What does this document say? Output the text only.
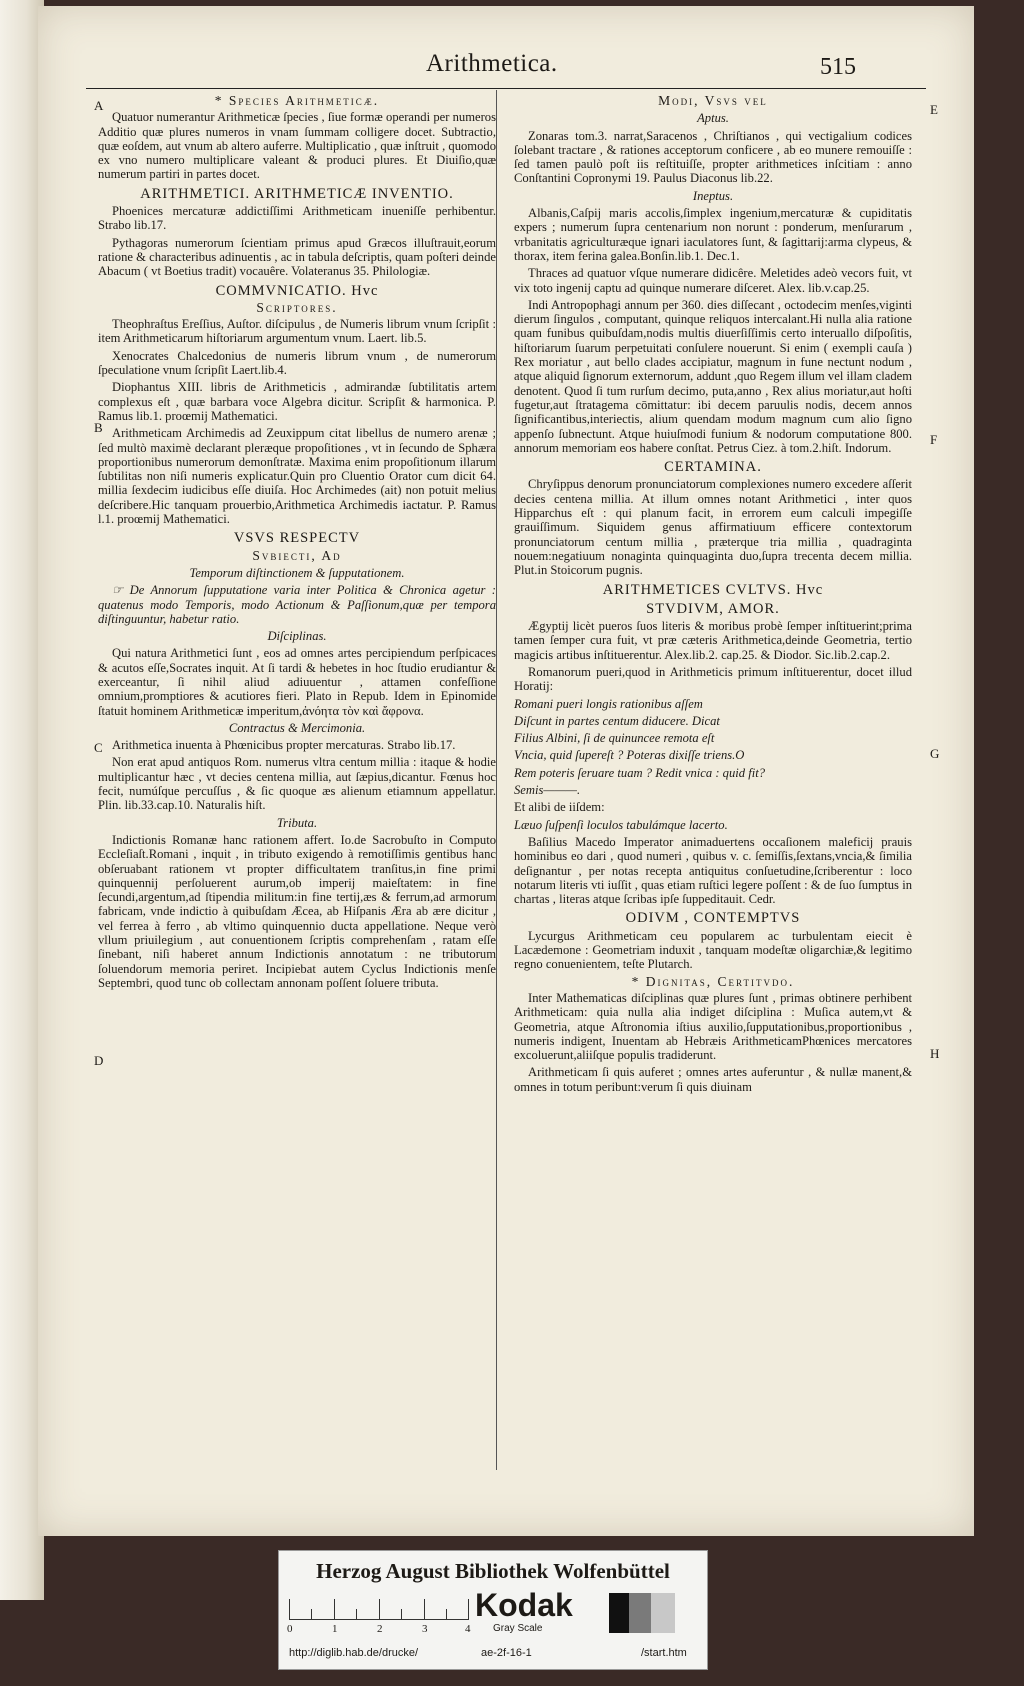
Arithmetica.	515
A
B
C
D
E
F
G
H
* Species Arithmeticæ.

Quatuor numerantur Arithmeticæ ſpecies , ſiue formæ operandi per numeros Additio quæ plures numeros in vnam ſummam colligere docet. Subtractio, quæ eoſdem, aut vnum ab altero auferre. Multiplicatio , quæ inſtruit , quomodo ex vno numero multiplicare valeant & produci plures. Et Diuiſio,quæ numerum partiri in partes docet.

ARITHMETICI. ARITHMETICÆ INVENTIO.

Phoenices mercaturæ addictiſſimi Arithmeticam inueniſſe perhibentur. Strabo lib.17.

Pythagoras numerorum ſcientiam primus apud Græcos illuſtrauit,eorum ratione & characteribus adinuentis , ac in tabula deſcriptis, quam poſteri deinde Abacum ( vt Boetius tradit) vocauêre. Volateranus 35. Philologiæ.

COMMVNICATIO. Hvc
Scriptores.

Theophraſtus Ereſſius, Auſtor. diſcipulus , de Numeris librum vnum ſcripſit : item Arithmeticarum hiſtoriarum argumentum vnum. Laert. lib.5.

Xenocrates Chalcedonius de numeris librum vnum , de numerorum ſpeculatione vnum ſcripſit Laert.lib.4.

Diophantus XIII. libris de Arithmeticis , admirandæ ſubtilitatis artem complexus eſt , quæ barbara voce Algebra dicitur. Scripſit & harmonica. P. Ramus lib.1. proœmij Mathematici.

Arithmeticam Archimedis ad Zeuxippum citat libellus de numero arenæ ; ſed multò maximè declarant pleræque propoſitiones , vt in ſecundo de Sphæra proportionibus numerorum demonſtratæ. Maxima enim propoſitionum illarum ſubtilitas non niſi numeris explicatur.Quin pro Cluentio Orator cum dicit 64. millia ſexdecim iudicibus eſſe diuiſa. Hoc Archimedes (ait) non potuit melius deſcribere.Hic tanquam prouerbio,Arithmetica Archimedis iactatur. P. Ramus l.1. proœmij Mathematici.

VSVS RESPECTV
Svbiecti, Ad
Temporum diſtinctionem & ſupputationem.

☞ De Annorum ſupputatione varia inter Politica & Chronica agetur : quatenus modo Temporis, modo Actionum & Paſſionum,quæ per tempora diſtinguuntur, habetur ratio.

Diſciplinas.

Qui natura Arithmetici ſunt , eos ad omnes artes percipiendum perſpicaces & acutos eſſe,Socrates inquit. At ſi tardi & hebetes in hoc ſtudio erudiantur & exerceantur, ſi nihil aliud adiuuentur , attamen confeſſione omnium,promptiores & acutiores fieri. Plato in Repub. Idem in Epinomide ſtatuit hominem Arithmeticæ imperitum,ἀνόητα τὸν καὶ ἄφρονα.

Contractus & Mercimonia.

Arithmetica inuenta à Phœnicibus propter mercaturas. Strabo lib.17.

Non erat apud antiquos Rom. numerus vltra centum millia : itaque & hodie multiplicantur hæc , vt decies centena millia, aut ſæpius,dicantur. Fœnus hoc fecit, numúſque percuſſus , & ſic quoque æs alienum etiamnum appellatur. Plin. lib.33.cap.10. Naturalis hiſt.

Tributa.

Indictionis Romanæ hanc rationem affert. Io.de Sacrobuſto in Computo Eccleſiaſt.Romani , inquit , in tributo exigendo à remotiſſimis gentibus hanc obſeruabant rationem vt propter difficultatem tranſitus,in fine primi quinquennij perſoluerent aurum,ob imperij maieſtatem: in fine ſecundi,argentum,ad ſtipendia militum:in fine tertij,æs & ferrum,ad armorum fabricam, vnde indictio à quibuſdam Æcea, ab Hiſpanis Æra ab ære dicitur , vel ferrea à ferro , ab vltimo quinquennio ducta appellatione. Neque verò vllum priuilegium , aut conuentionem ſcriptis comprehenſam , ratam eſſe ſinebant, niſi haberet annum Indictionis annotatum : ne tributorum ſoluendorum memoria periret. Incipiebat autem Cyclus Indictionis menſe Septembri, quod tunc ob collectam annonam poſſent ſoluere tributa.

Modi, Vsvs vel
Aptus.

Zonaras tom.3. narrat,Saracenos , Chriſtianos , qui vectigalium codices ſolebant tractare , & rationes acceptorum conficere , ab eo munere remouiſſe : ſed tamen paulò poſt iis reſtituiſſe, propter arithmetices inſcitiam : anno Conſtantini Copronymi 19. Paulus Diaconus lib.22.

Ineptus.

Albanis,Caſpij maris accolis,ſimplex ingenium,mercaturæ & cupiditatis expers ; numerum ſupra centenarium non norunt : ponderum, menſurarum , vrbanitatis agriculturæque ignari iaculatores ſunt, & ſagittarij:arma clypeus, & thorax, item ferina galea.Bonſin.lib.1. Dec.1.

Thraces ad quatuor vſque numerare didicêre. Meletides adeò vecors fuit, vt vix toto ingenij captu ad quinque numerare diſceret. Alex. lib.v.cap.25.

Indi Antropophagi annum per 360. dies diſſecant , octodecim menſes,viginti dierum ſingulos , computant, quinque reliquos intercalant.Hi nulla alia ratione quam funibus quibuſdam,nodis multis diuerſiſſimis certo interuallo diſpoſitis, hiſtoriarum ſuarum perpetuitati conſulere nouerunt. Si enim ( exempli cauſa ) Rex moriatur , aut bello clades accipiatur, magnum in fune nectunt nodum , atque aliquid ſignorum externorum, addunt ,quo Regem illum vel illam cladem denotent. Quod ſi tum rurſum decimo, puta,anno , Rex alius moriatur,aut hoſti fugetur,aut ſtratagema cōmittatur: ibi decem paruulis nodis, decem annos ſignificantibus,interiectis, alium quendam modum magnum cum alio ſigno appenſo ſubnectunt. Atque huiuſmodi funium & nodorum computatione 800. annorum memoriam eos habere conſtat. Petrus Ciez. à tom.2.hiſt. Indorum.

CERTAMINA.

Chryſippus denorum pronunciatorum complexiones numero excedere aſſerit decies centena millia. At illum omnes notant Arithmetici , inter quos Hipparchus eſt : qui planum facit, in errorem eum calculi impegiſſe grauiſſimum. Siquidem genus affirmatiuum efficere contextorum pronunciatorum centum millia , præterque tria millia , quadraginta nouem:negatiuum nonaginta quinquaginta duo,ſupra trecenta decem millia. Plut.in Stoicorum pugnis.

ARITHMETICES CVLTVS. Hvc
STVDIVM, AMOR.

Ægyptij licèt pueros ſuos literis & moribus probè ſemper inſtituerint;prima tamen ſemper cura fuit, vt præ cæteris Arithmetica,deinde Geometria, tertio magicis artibus inſtituerentur. Alex.lib.2. cap.25. & Diodor. Sic.lib.2.cap.2.

Romanorum pueri,quod in Arithmeticis primum inſtituerentur, docet illud Horatij:

Romani pueri longis rationibus aſſem

Diſcunt in partes centum diducere. Dicat

Filius Albini, ſi de quinuncee remota eſt

Vncia, quid ſupereſt ? Poteras dixiſſe triens.O

Rem poteris ſeruare tuam ? Redit vnica : quid fit?

Semis———.

Et alibi de iiſdem:

Læuo ſuſpenſi loculos tabulámque lacerto.

Baſilius Macedo Imperator animaduertens occaſionem maleficij prauis hominibus eo dari , quod numeri , quibus v. c. ſemiſſis,ſextans,vncia,& ſimilia deſignantur , per notas recepta antiquitus conſuetudine,ſcriberentur : loco notarum literis vti iuſſit , quas etiam ruſtici legere poſſent : & de ſuo ſumptus in chartas , literas atque ſcribas ipſe ſuppeditauit. Cedr.

ODIVM , CONTEMPTVS

Lycurgus Arithmeticam ceu popularem ac turbulentam eiecit è Lacædemone : Geometriam induxit , tanquam modeſtæ oligarchiæ,& legitimo regno conuenientem, teſte Plutarch.

* Dignitas, Certitvdo.

Inter Mathematicas diſciplinas quæ plures ſunt , primas obtinere perhibent Arithmeticam: quia nulla alia indiget diſciplina : Muſica autem,vt & Geometria, atque Aſtronomia iſtius auxilio,ſupputationibus,proportionibus , numeris indigent, Inuentam ab Hebræis ArithmeticamPhœnices mercatores excoluerunt,aliiſque populis tradiderunt.

Arithmeticam ſi quis auferet ; omnes artes auferuntur , & nullæ manent,& omnes in totum peribunt:verum ſi quis diuinam

Herzog August Bibliothek Wolfenbüttel
0	1	2	3	4
Kodak
Gray Scale
http://diglib.hab.de/drucke/	ae-2f-16-1	/start.htm
